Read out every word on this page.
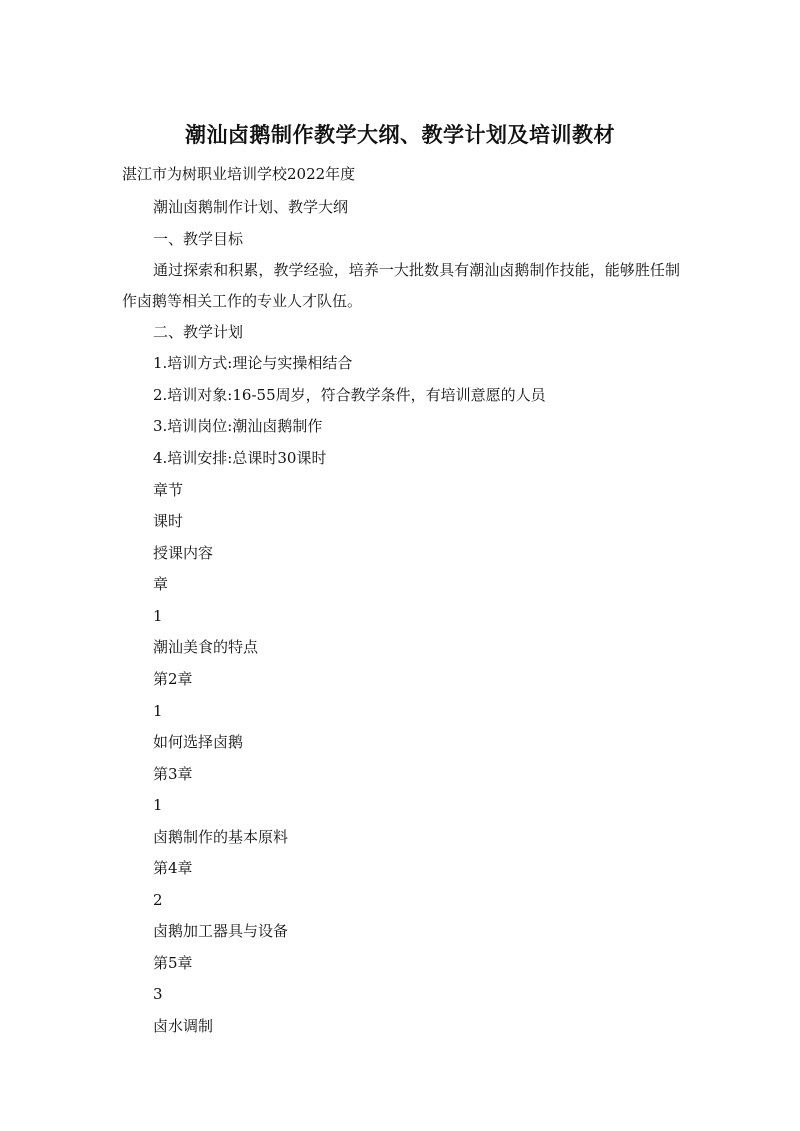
潮汕卤鹅制作教学大纲、教学计划及培训教材
湛江市为树职业培训学校2022年度
潮汕卤鹅制作计划、教学大纲
一、教学目标
通过探索和积累，教学经验，培养一大批数具有潮汕卤鹅制作技能，能够胜任制作卤鹅等相关工作的专业人才队伍。
二、教学计划
1.培训方式:理论与实操相结合
2.培训对象:16-55周岁，符合教学条件，有培训意愿的人员
3.培训岗位:潮汕卤鹅制作
4.培训安排:总课时30课时
章节
课时
授课内容
章
1
潮汕美食的特点
第2章
1
如何选择卤鹅
第3章
1
卤鹅制作的基本原料
第4章
2
卤鹅加工器具与设备
第5章
3
卤水调制
